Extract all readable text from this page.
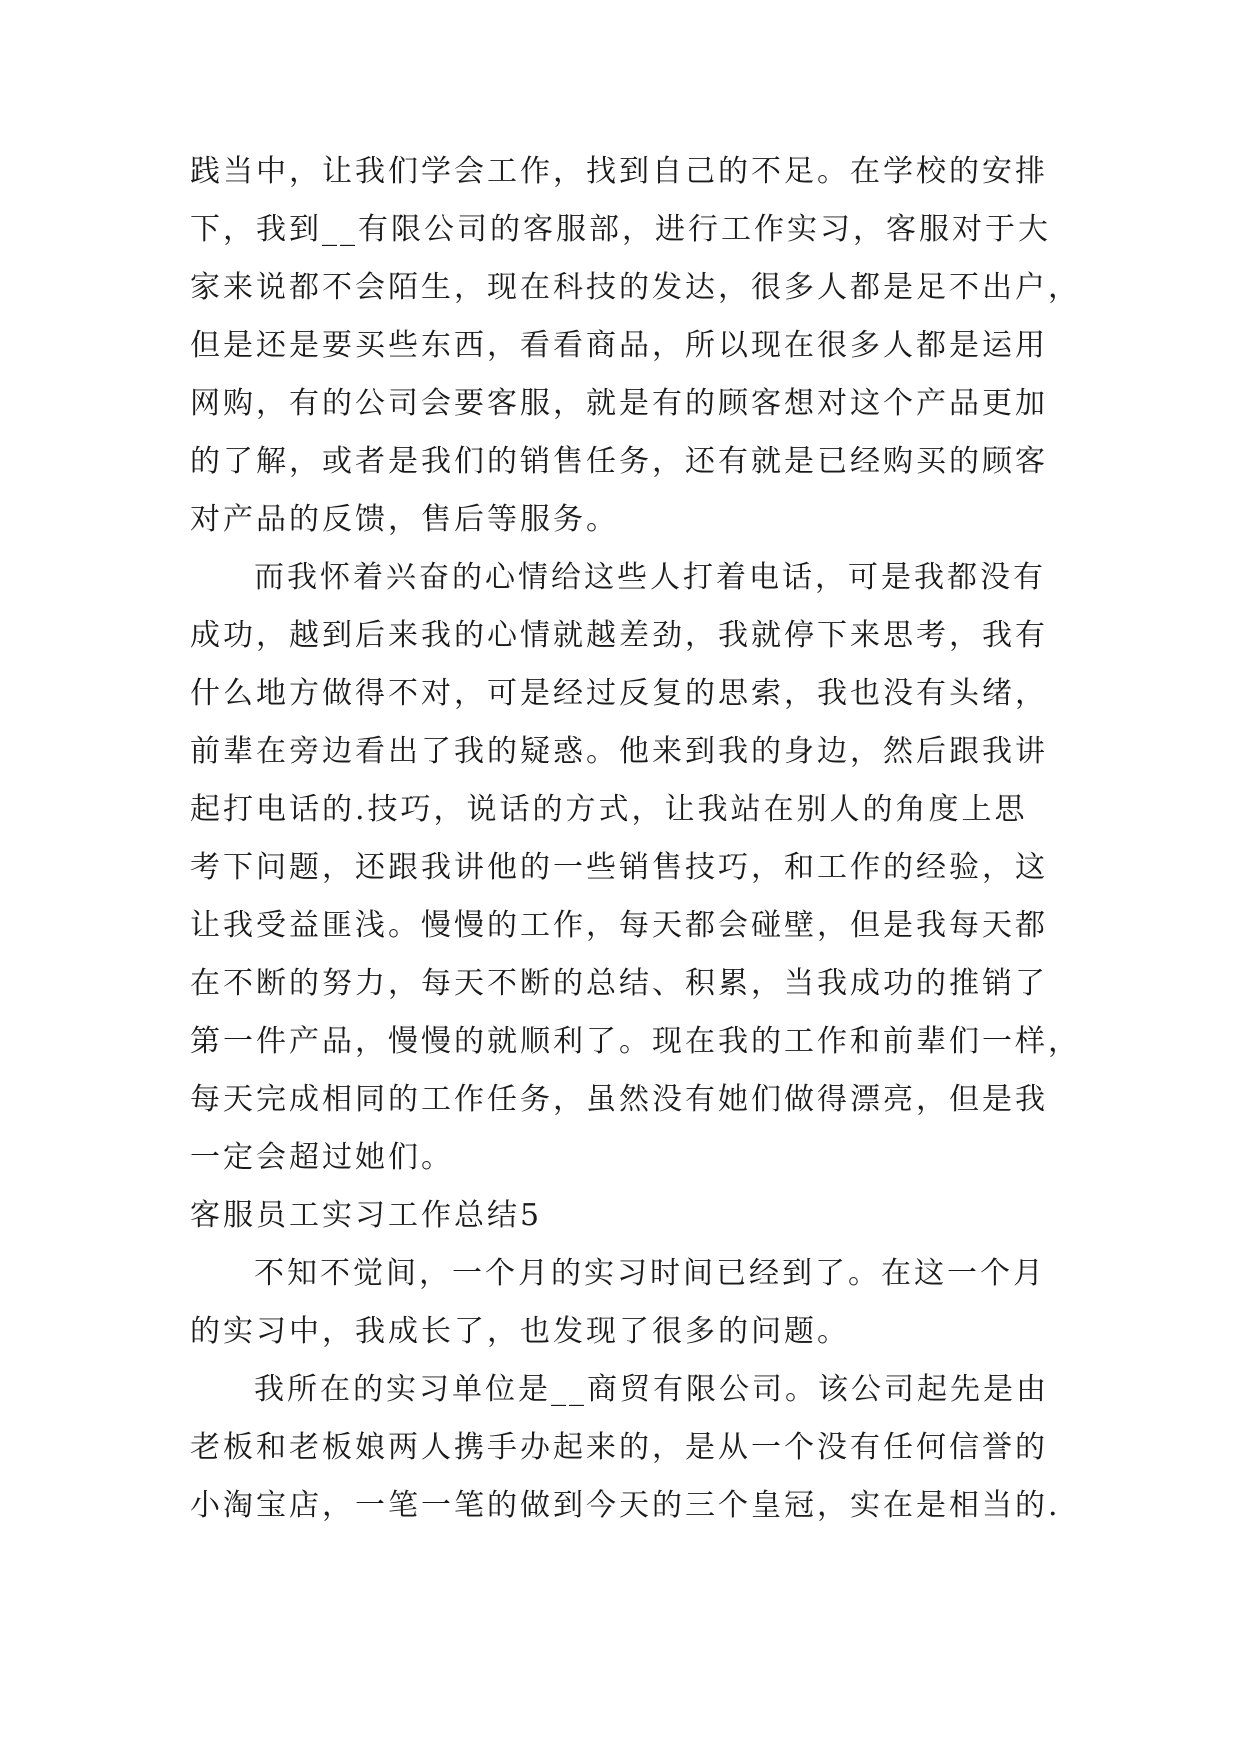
践当中，让我们学会工作，找到自己的不足。在学校的安排
下，我到__有限公司的客服部，进行工作实习，客服对于大
家来说都不会陌生，现在科技的发达，很多人都是足不出户，
但是还是要买些东西，看看商品，所以现在很多人都是运用
网购，有的公司会要客服，就是有的顾客想对这个产品更加
的了解，或者是我们的销售任务，还有就是已经购买的顾客
对产品的反馈，售后等服务。
而我怀着兴奋的心情给这些人打着电话，可是我都没有
成功，越到后来我的心情就越差劲，我就停下来思考，我有
什么地方做得不对，可是经过反复的思索，我也没有头绪，
前辈在旁边看出了我的疑惑。他来到我的身边，然后跟我讲
起打电话的.技巧，说话的方式，让我站在别人的角度上思
考下问题，还跟我讲他的一些销售技巧，和工作的经验，这
让我受益匪浅。慢慢的工作，每天都会碰壁，但是我每天都
在不断的努力，每天不断的总结、积累，当我成功的推销了
第一件产品，慢慢的就顺利了。现在我的工作和前辈们一样，
每天完成相同的工作任务，虽然没有她们做得漂亮，但是我
一定会超过她们。
客服员工实习工作总结5
不知不觉间，一个月的实习时间已经到了。在这一个月
的实习中，我成长了，也发现了很多的问题。
我所在的实习单位是__商贸有限公司。该公司起先是由
老板和老板娘两人携手办起来的，是从一个没有任何信誉的
小淘宝店，一笔一笔的做到今天的三个皇冠，实在是相当的.
